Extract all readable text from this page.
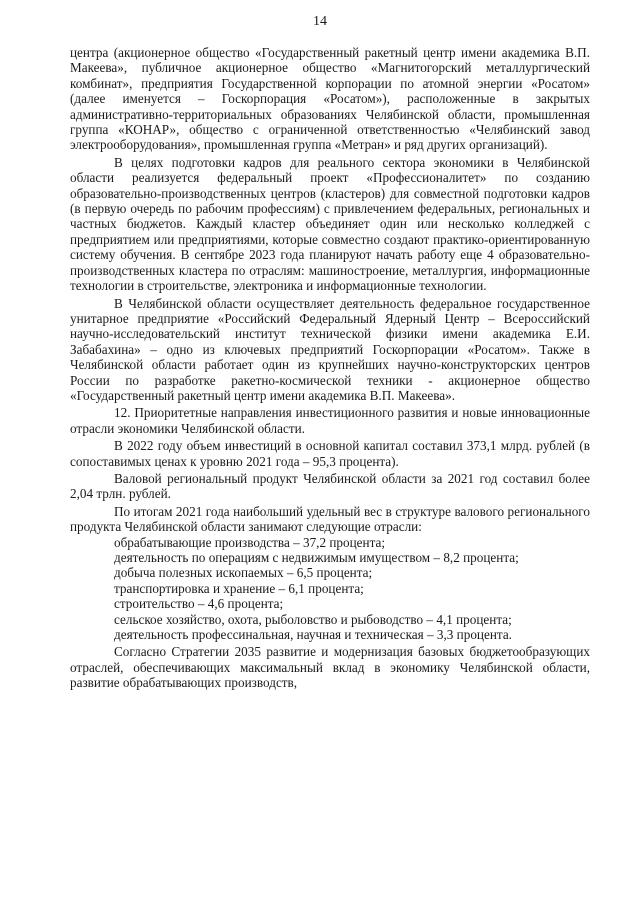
14

центра (акционерное общество «Государственный ракетный центр имени академика В.П. Макеева», публичное акционерное общество «Магнитогорский металлургический комбинат», предприятия Государственной корпорации по атомной энергии «Росатом» (далее именуется – Госкорпорация «Росатом»), расположенные в закрытых административно-территориальных образованиях Челябинской области, промышленная группа «КОНАР», общество с ограниченной ответственностью «Челябинский завод электрооборудования», промышленная группа «Метран» и ряд других организаций).

В целях подготовки кадров для реального сектора экономики в Челябинской области реализуется федеральный проект «Профессионалитет» по созданию образовательно-производственных центров (кластеров) для совместной подготовки кадров (в первую очередь по рабочим профессиям) с привлечением федеральных, региональных и частных бюджетов. Каждый кластер объединяет один или несколько колледжей с предприятием или предприятиями, которые совместно создают практико-ориентированную систему обучения. В сентябре 2023 года планируют начать работу еще 4 образовательно-производственных кластера по отраслям: машиностроение, металлургия, информационные технологии в строительстве, электроника и информационные технологии.

В Челябинской области осуществляет деятельность федеральное государственное унитарное предприятие «Российский Федеральный Ядерный Центр – Всероссийский научно-исследовательский институт технической физики имени академика Е.И. Забабахина» – одно из ключевых предприятий Госкорпорации «Росатом». Также в Челябинской области работает один из крупнейших научно-конструкторских центров России по разработке ракетно-космической техники - акционерное общество «Государственный ракетный центр имени академика В.П. Макеева».

12. Приоритетные направления инвестиционного развития и новые инновационные отрасли экономики Челябинской области.

В 2022 году объем инвестиций в основной капитал составил 373,1 млрд. рублей (в сопоставимых ценах к уровню 2021 года – 95,3 процента).

Валовой региональный продукт Челябинской области за 2021 год составил более 2,04 трлн. рублей.

По итогам 2021 года наибольший удельный вес в структуре валового регионального продукта Челябинской области занимают следующие отрасли:

обрабатывающие производства – 37,2 процента;

деятельность по операциям с недвижимым имуществом – 8,2 процента;

добыча полезных ископаемых – 6,5 процента;

транспортировка и хранение – 6,1 процента;

строительство – 4,6 процента;

сельское хозяйство, охота, рыболовство и рыбоводство – 4,1 процента;

деятельность профессинальная, научная и техническая – 3,3 процента.

Согласно Стратегии 2035 развитие и модернизация базовых бюджетообразующих отраслей, обеспечивающих максимальный вклад в экономику Челябинской области, развитие обрабатывающих производств,
